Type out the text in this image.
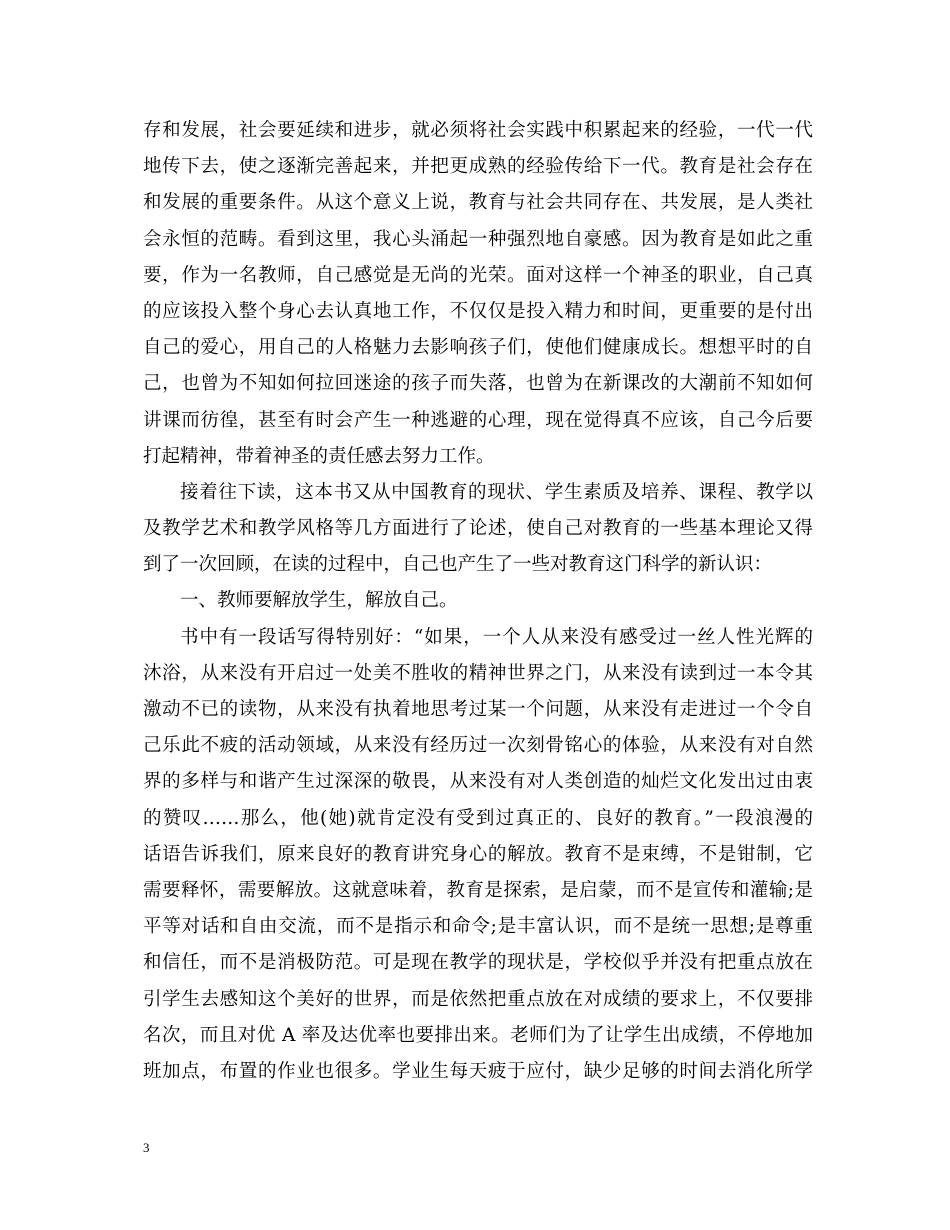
存和发展，社会要延续和进步，就必须将社会实践中积累起来的经验，一代一代
地传下去，使之逐渐完善起来，并把更成熟的经验传给下一代。教育是社会存在
和发展的重要条件。从这个意义上说，教育与社会共同存在、共发展，是人类社
会永恒的范畴。看到这里，我心头涌起一种强烈地自豪感。因为教育是如此之重
要，作为一名教师，自己感觉是无尚的光荣。面对这样一个神圣的职业，自己真
的应该投入整个身心去认真地工作，不仅仅是投入精力和时间，更重要的是付出
自己的爱心，用自己的人格魅力去影响孩子们，使他们健康成长。想想平时的自
己，也曾为不知如何拉回迷途的孩子而失落，也曾为在新课改的大潮前不知如何
讲课而彷徨，甚至有时会产生一种逃避的心理，现在觉得真不应该，自己今后要
打起精神，带着神圣的责任感去努力工作。
接着往下读，这本书又从中国教育的现状、学生素质及培养、课程、教学以
及教学艺术和教学风格等几方面进行了论述，使自己对教育的一些基本理论又得
到了一次回顾，在读的过程中，自己也产生了一些对教育这门科学的新认识：
一、教师要解放学生，解放自己。
书中有一段话写得特别好：“如果，一个人从来没有感受过一丝人性光辉的
沐浴，从来没有开启过一处美不胜收的精神世界之门，从来没有读到过一本令其
激动不已的读物，从来没有执着地思考过某一个问题，从来没有走进过一个令自
己乐此不疲的活动领域，从来没有经历过一次刻骨铭心的体验，从来没有对自然
界的多样与和谐产生过深深的敬畏，从来没有对人类创造的灿烂文化发出过由衷
的赞叹……那么，他(她)就肯定没有受到过真正的、良好的教育。”一段浪漫的
话语告诉我们，原来良好的教育讲究身心的解放。教育不是束缚，不是钳制，它
需要释怀，需要解放。这就意味着，教育是探索，是启蒙，而不是宣传和灌输;是
平等对话和自由交流，而不是指示和命令;是丰富认识，而不是统一思想;是尊重
和信任，而不是消极防范。可是现在教学的现状是，学校似乎并没有把重点放在
引学生去感知这个美好的世界，而是依然把重点放在对成绩的要求上，不仅要排
名次，而且对优 A 率及达优率也要排出来。老师们为了让学生出成绩，不停地加
班加点，布置的作业也很多。学业生每天疲于应付，缺少足够的时间去消化所学
3
